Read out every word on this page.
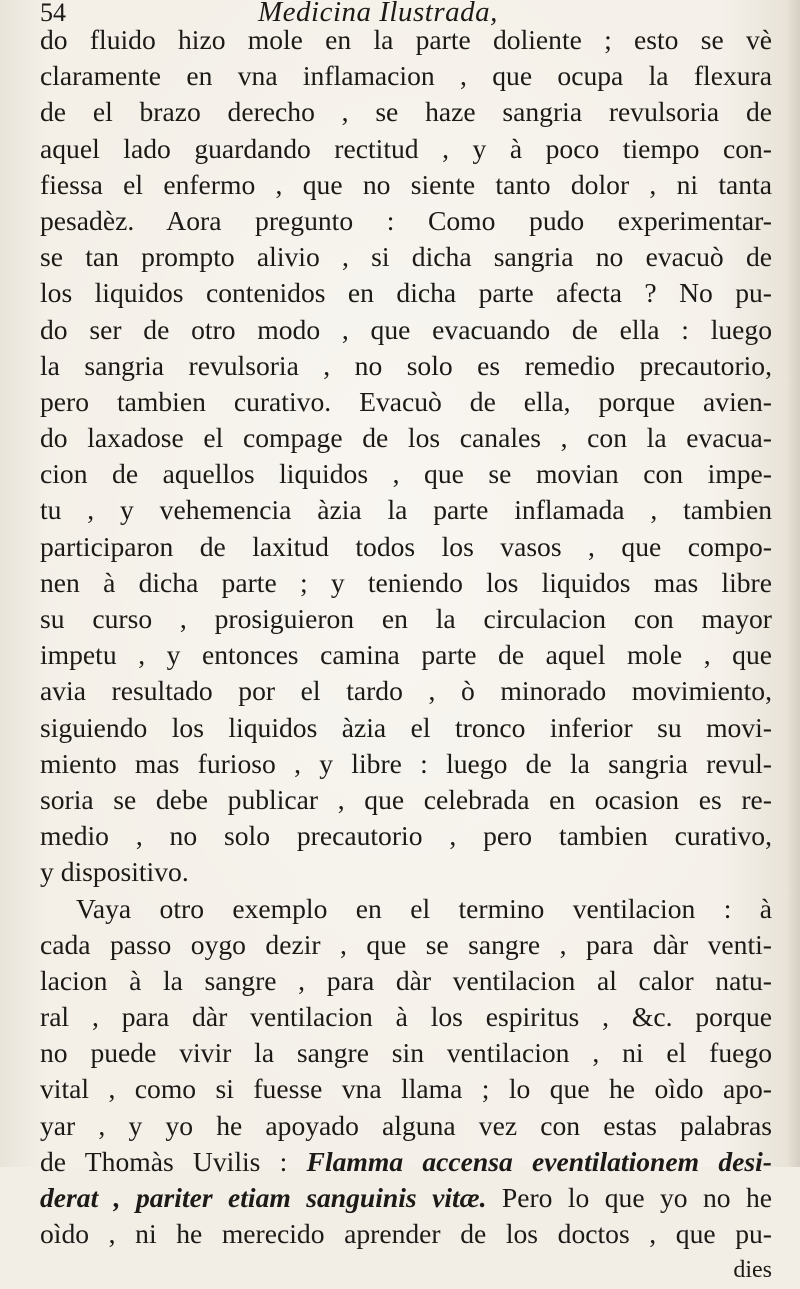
54	Medicina Ilustrada,
do fluido hizo mole en la parte doliente ; esto se vè
claramente en vna inflamacion , que ocupa la flexura
de el brazo derecho , se haze sangria revulsoria de
aquel lado guardando rectitud , y à poco tiempo con-
fiessa el enfermo , que no siente tanto dolor , ni tanta
pesadèz. Aora pregunto : Como pudo experimentar-
se tan prompto alivio , si dicha sangria no evacuò de
los liquidos contenidos en dicha parte afecta ? No pu-
do ser de otro modo , que evacuando de ella : luego
la sangria revulsoria , no solo es remedio precautorio,
pero tambien curativo. Evacuò de ella, porque avien-
do laxadose el compage de los canales , con la evacua-
cion de aquellos liquidos , que se movian con impe-
tu , y vehemencia àzia la parte inflamada , tambien
participaron de laxitud todos los vasos , que compo-
nen à dicha parte ; y teniendo los liquidos mas libre
su curso , prosiguieron en la circulacion con mayor
impetu , y entonces camina parte de aquel mole , que
avia resultado por el tardo , ò minorado movimiento,
siguiendo los liquidos àzia el tronco inferior su movi-
miento mas furioso , y libre : luego de la sangria revul-
soria se debe publicar , que celebrada en ocasion es re-
medio , no solo precautorio , pero tambien curativo,
y dispositivo.
Vaya otro exemplo en el termino ventilacion : à
cada passo oygo dezir , que se sangre , para dàr venti-
lacion à la sangre , para dàr ventilacion al calor natu-
ral , para dàr ventilacion à los espiritus , &c. porque
no puede vivir la sangre sin ventilacion , ni el fuego
vital , como si fuesse vna llama ; lo que he oìdo apo-
yar , y yo he apoyado alguna vez con estas palabras
de Thomàs Uvilis : Flamma accensa eventilationem desi-
derat , pariter etiam sanguinis vitæ. Pero lo que yo no he
oìdo , ni he merecido aprender de los doctos , que pu-
dies
